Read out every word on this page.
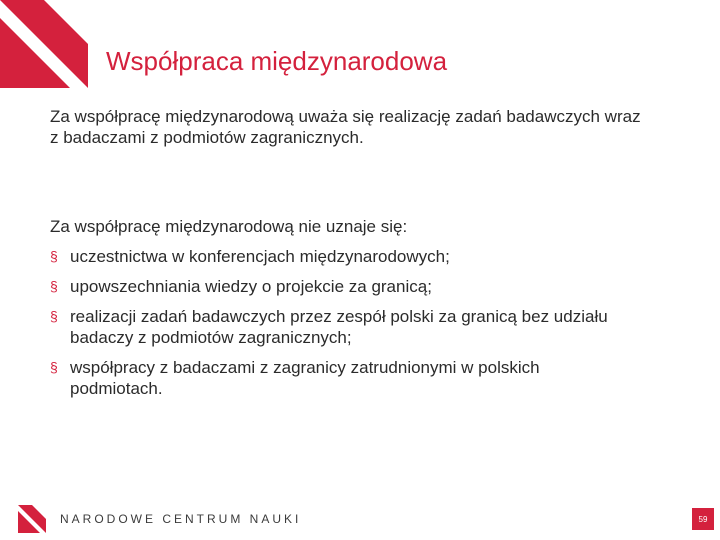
Współpraca międzynarodowa
Za współpracę międzynarodową uważa się realizację zadań badawczych wraz z badaczami z podmiotów zagranicznych.
Za współpracę międzynarodową nie uznaje się:
§ uczestnictwa w konferencjach międzynarodowych;
§ upowszechniania wiedzy o projekcie za granicą;
§ realizacji zadań badawczych przez zespół polski za granicą bez udziału badaczy z podmiotów zagranicznych;
§ współpracy z badaczami z zagranicy zatrudnionymi w polskich podmiotach.
NARODOWE CENTRUM NAUKI	59
